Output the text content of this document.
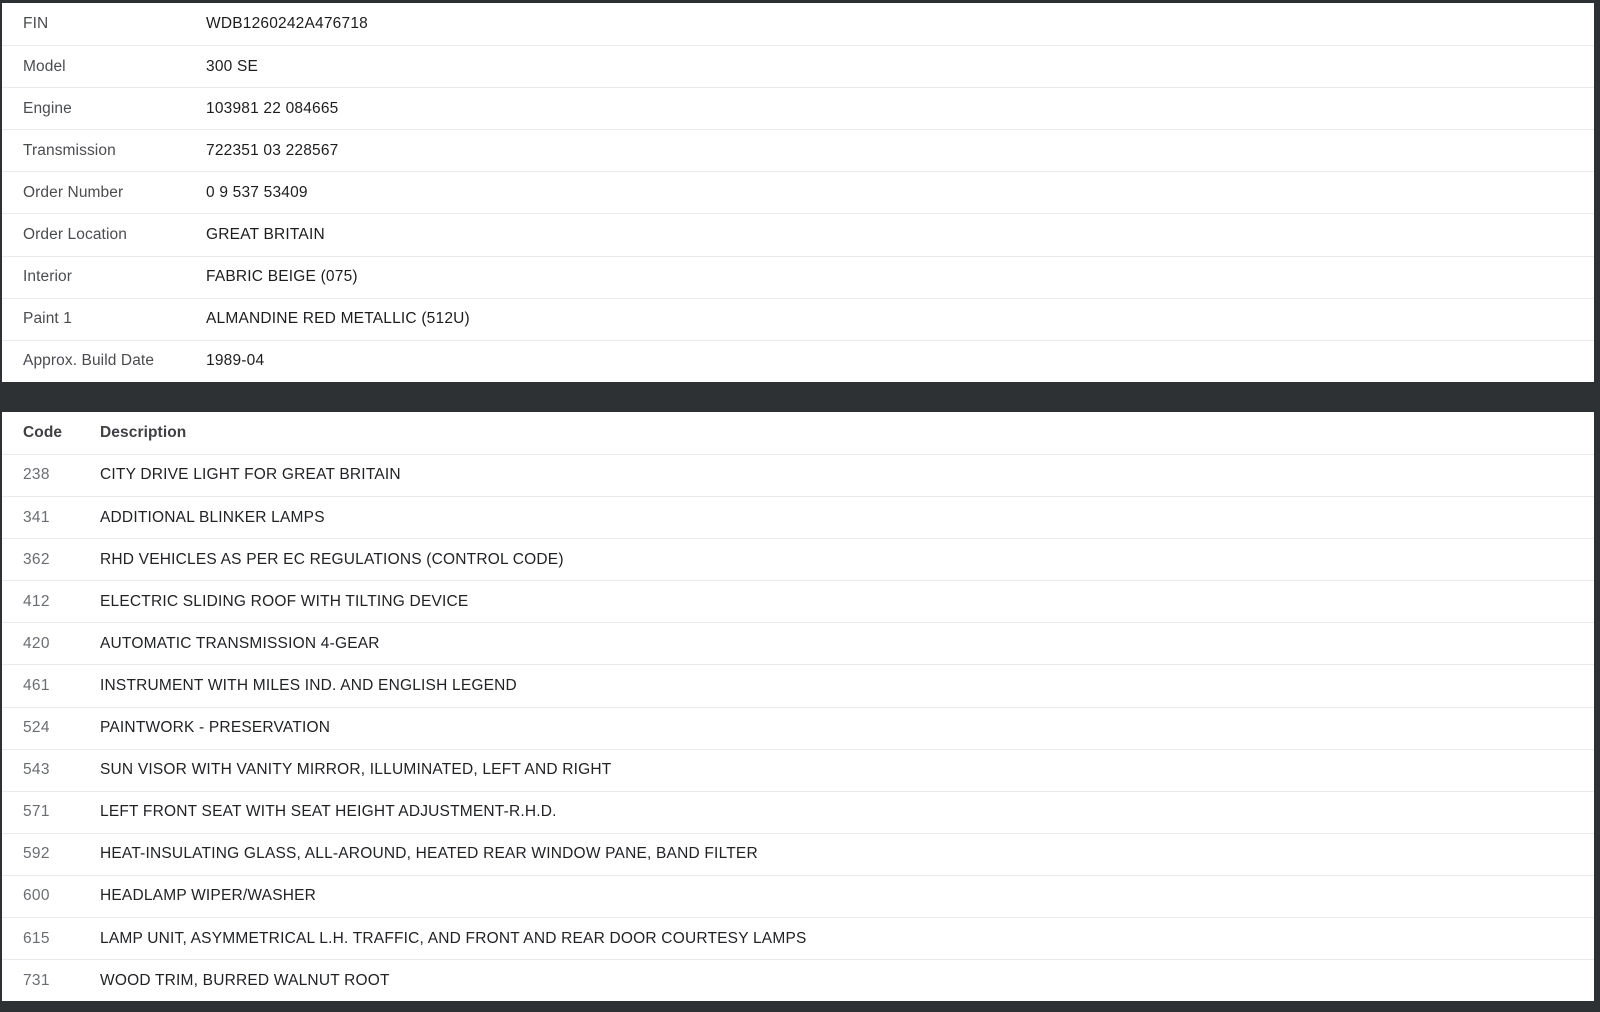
FIN	WDB1260242A476718
Model	300 SE
Engine	103981 22 084665
Transmission	722351 03 228567
Order Number	0 9 537 53409
Order Location	GREAT BRITAIN
Interior	FABRIC BEIGE (075)
Paint 1	ALMANDINE RED METALLIC (512U)
Approx. Build Date	1989-04
Code	Description
238	CITY DRIVE LIGHT FOR GREAT BRITAIN
341	ADDITIONAL BLINKER LAMPS
362	RHD VEHICLES AS PER EC REGULATIONS (CONTROL CODE)
412	ELECTRIC SLIDING ROOF WITH TILTING DEVICE
420	AUTOMATIC TRANSMISSION 4-GEAR
461	INSTRUMENT WITH MILES IND. AND ENGLISH LEGEND
524	PAINTWORK - PRESERVATION
543	SUN VISOR WITH VANITY MIRROR, ILLUMINATED, LEFT AND RIGHT
571	LEFT FRONT SEAT WITH SEAT HEIGHT ADJUSTMENT-R.H.D.
592	HEAT-INSULATING GLASS, ALL-AROUND, HEATED REAR WINDOW PANE, BAND FILTER
600	HEADLAMP WIPER/WASHER
615	LAMP UNIT, ASYMMETRICAL L.H. TRAFFIC, AND FRONT AND REAR DOOR COURTESY LAMPS
731	WOOD TRIM, BURRED WALNUT ROOT
